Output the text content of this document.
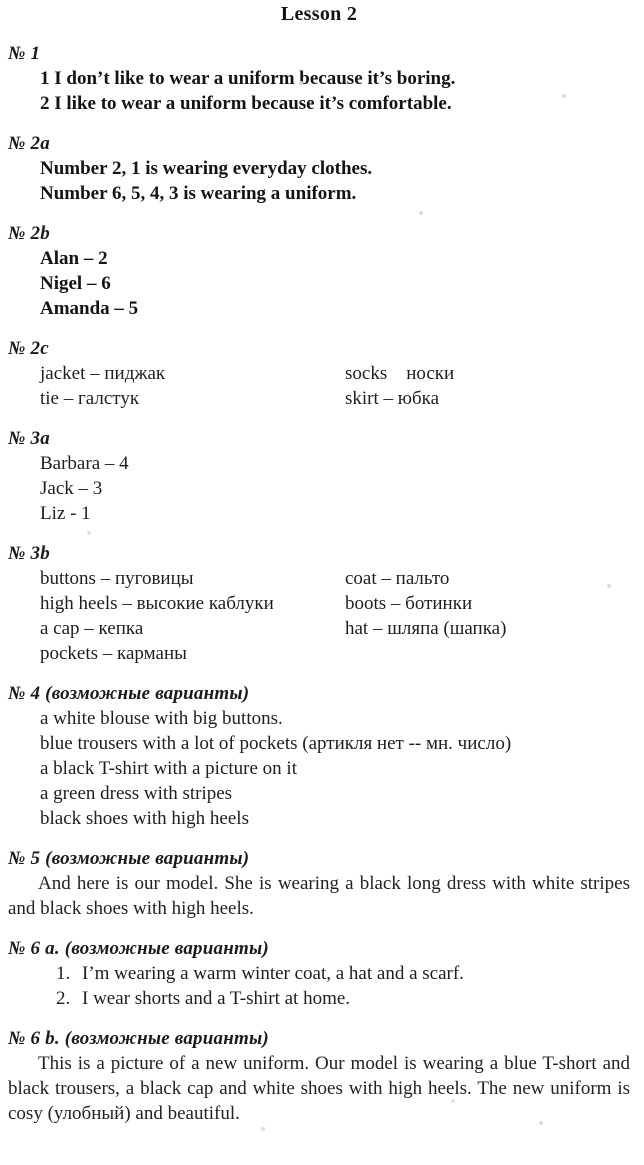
Lesson 2
№ 1
1 I don’t like to wear a uniform because it’s boring.
2 I like to wear a uniform because it’s comfortable.
№ 2a
Number 2, 1 is wearing everyday clothes.
Number 6, 5, 4, 3 is wearing a uniform.
№ 2b
Alan – 2
Nigel – 6
Amanda – 5
№ 2c
jacket – пиджак
tie – галстук
socks  носки
skirt – юбка
№ 3a
Barbara – 4
Jack – 3
Liz - 1
№ 3b
buttons – пуговицы
high heels – высокие каблуки
a cap – кепка
pockets – карманы
coat – пальто
boots – ботинки
hat – шляпа (шапка)
№ 4 (возможные варианты)
a white blouse with big buttons.
blue trousers with a lot of pockets (артикля нет -- мн. число)
a black T-shirt with a picture on it
a green dress with stripes
black shoes with high heels
№ 5 (возможные варианты)

And here is our model. She is wearing a black long dress with white stripes and black shoes with high heels.

№ 6 a. (возможные варианты)
1. I’m wearing a warm winter coat, a hat and a scarf.
2. I wear shorts and a T-shirt at home.
№ 6 b. (возможные варианты)

This is a picture of a new uniform. Our model is wearing a blue T-short and black trousers, a black cap and white shoes with high heels. The new uniform is cosy (улобный) and beautiful.
